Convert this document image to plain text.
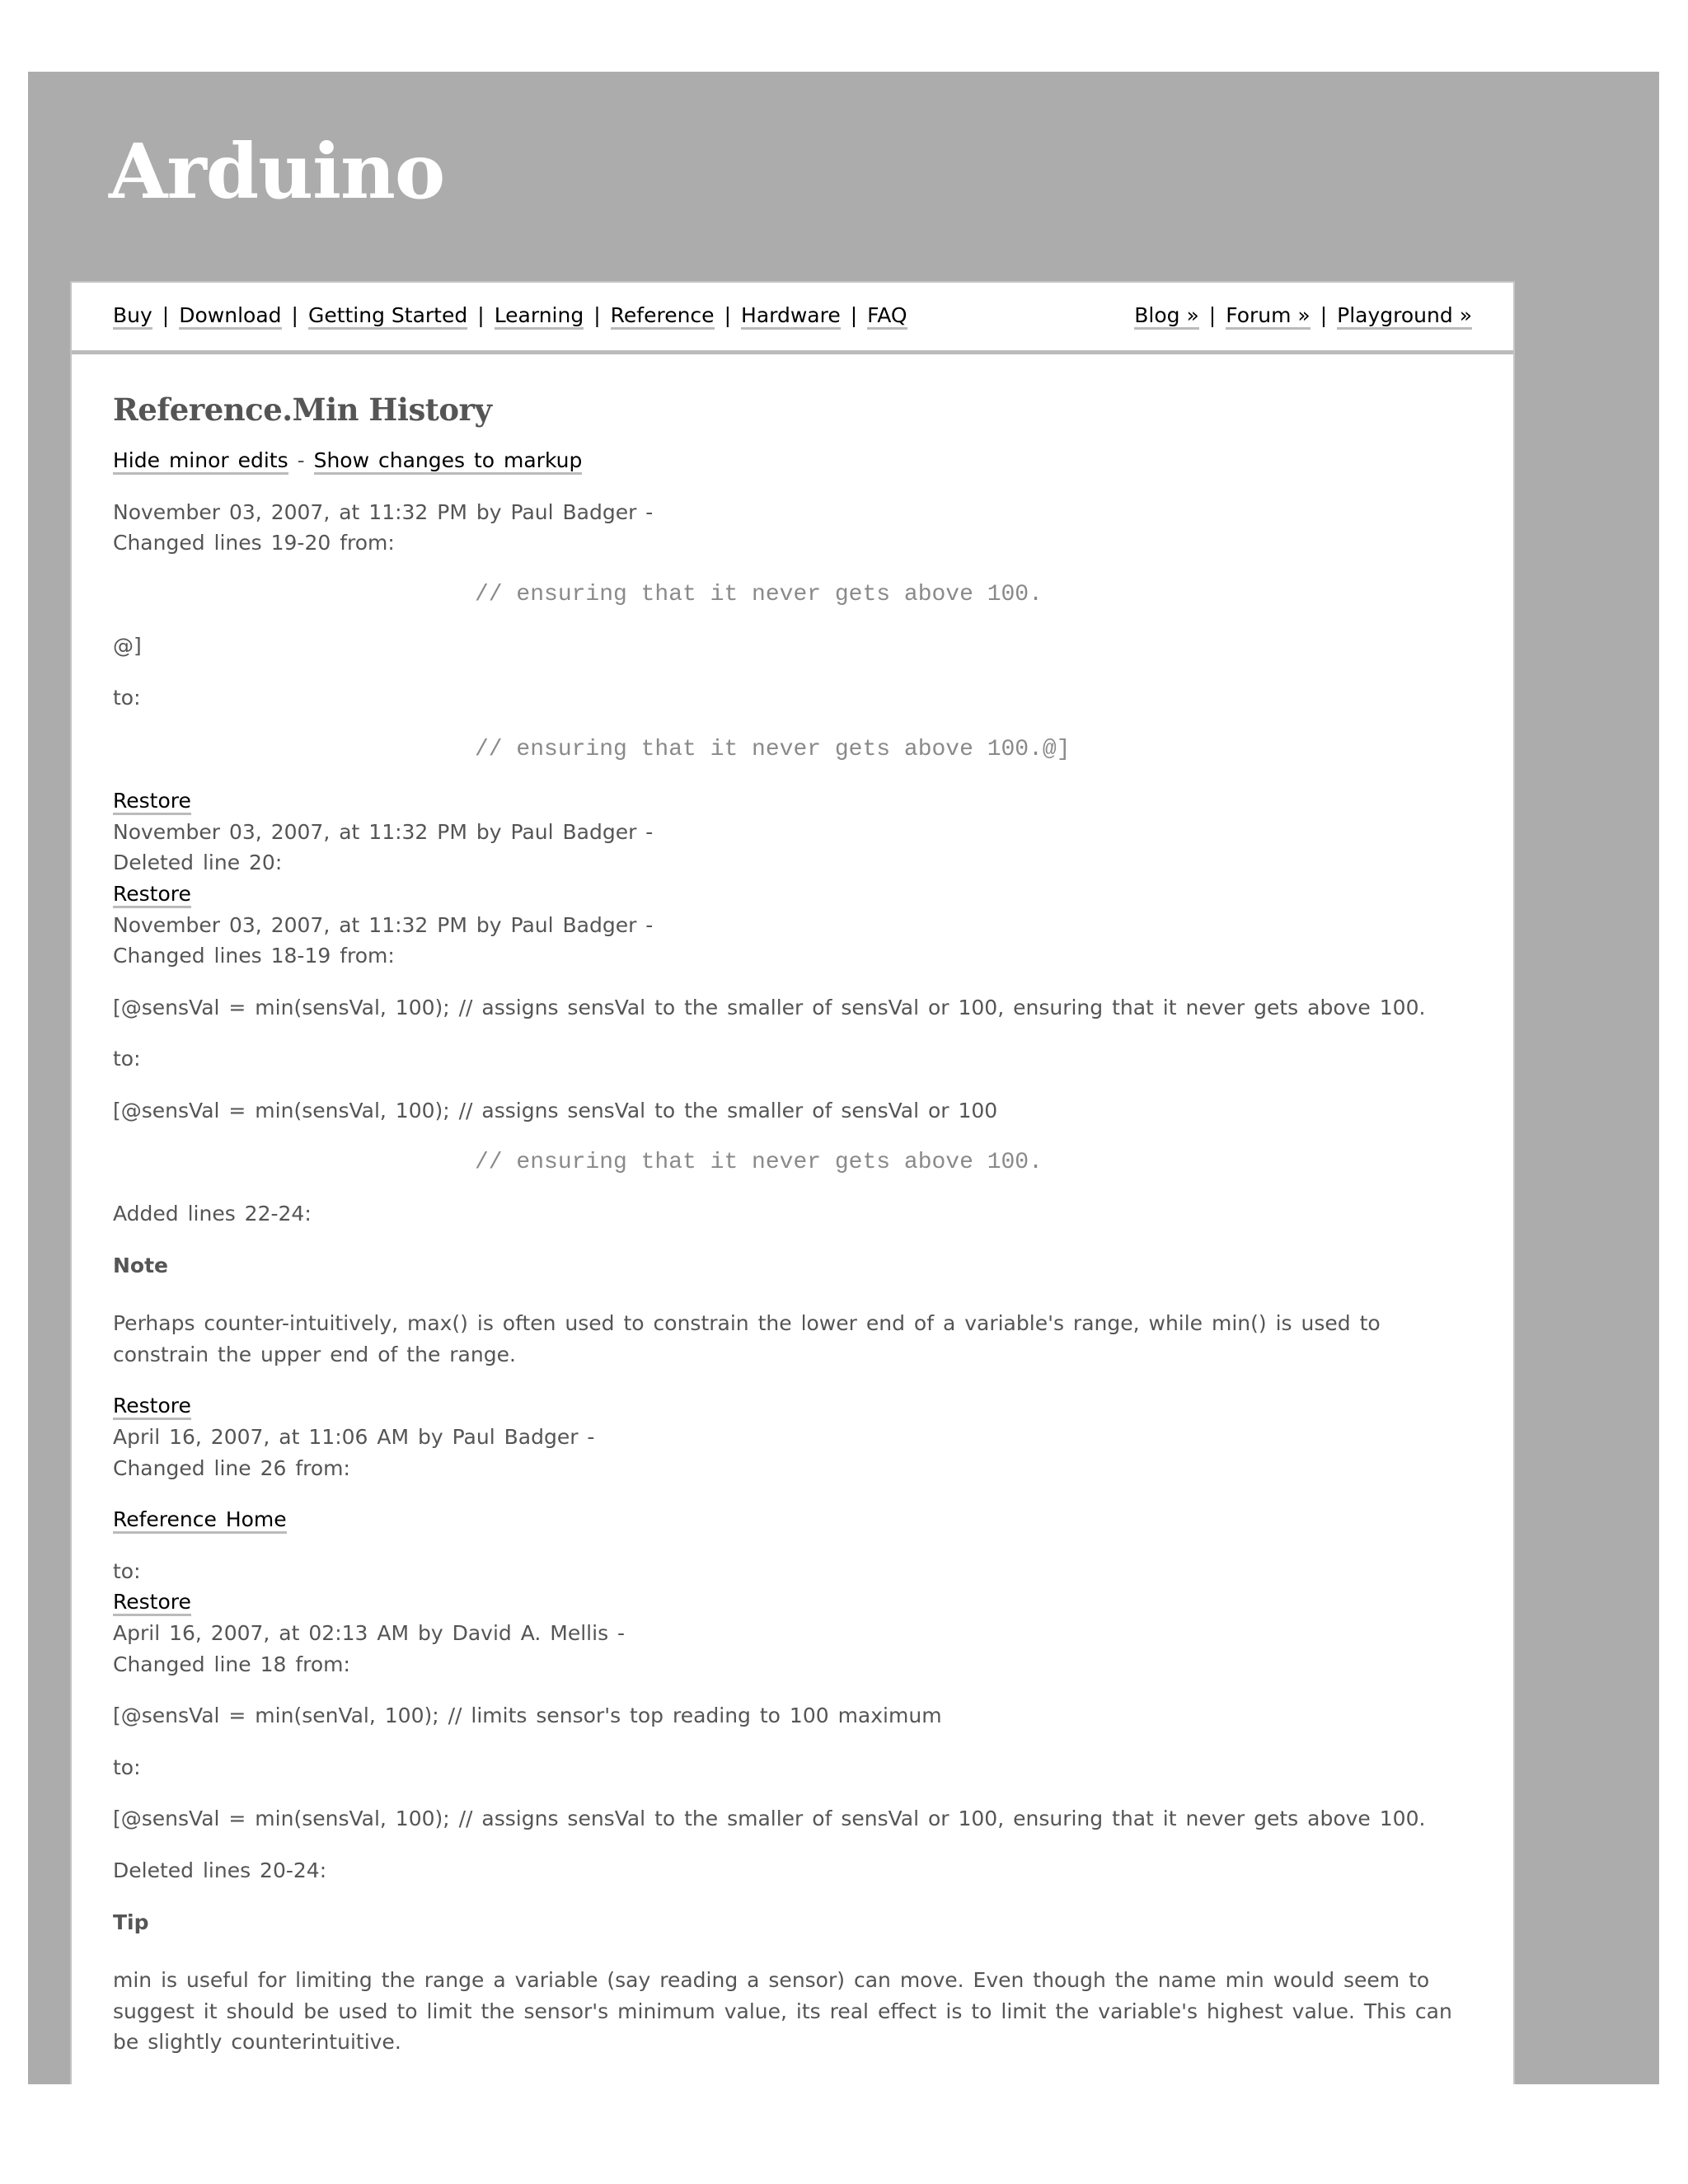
Arduino
Buy | Download | Getting Started | Learning | Reference | Hardware | FAQ	Blog » | Forum » | Playground »
Reference.Min History
Hide minor edits - Show changes to markup
November 03, 2007, at 11:32 PM by Paul Badger -
Changed lines 19-20 from:
// ensuring that it never gets above 100.
@]
to:
// ensuring that it never gets above 100.@]
Restore
November 03, 2007, at 11:32 PM by Paul Badger -
Deleted line 20:
Restore
November 03, 2007, at 11:32 PM by Paul Badger -
Changed lines 18-19 from:
[@sensVal = min(sensVal, 100); // assigns sensVal to the smaller of sensVal or 100, ensuring that it never gets above 100.
to:
[@sensVal = min(sensVal, 100); // assigns sensVal to the smaller of sensVal or 100
// ensuring that it never gets above 100.
Added lines 22-24:
Note
Perhaps counter-intuitively, max() is often used to constrain the lower end of a variable's range, while min() is used to constrain the upper end of the range.
Restore
April 16, 2007, at 11:06 AM by Paul Badger -
Changed line 26 from:
Reference Home
to:
Restore
April 16, 2007, at 02:13 AM by David A. Mellis -
Changed line 18 from:
[@sensVal = min(senVal, 100); // limits sensor's top reading to 100 maximum
to:
[@sensVal = min(sensVal, 100); // assigns sensVal to the smaller of sensVal or 100, ensuring that it never gets above 100.
Deleted lines 20-24:
Tip
min is useful for limiting the range a variable (say reading a sensor) can move. Even though the name min would seem to suggest it should be used to limit the sensor's minimum value, its real effect is to limit the variable's highest value. This can be slightly counterintuitive.
